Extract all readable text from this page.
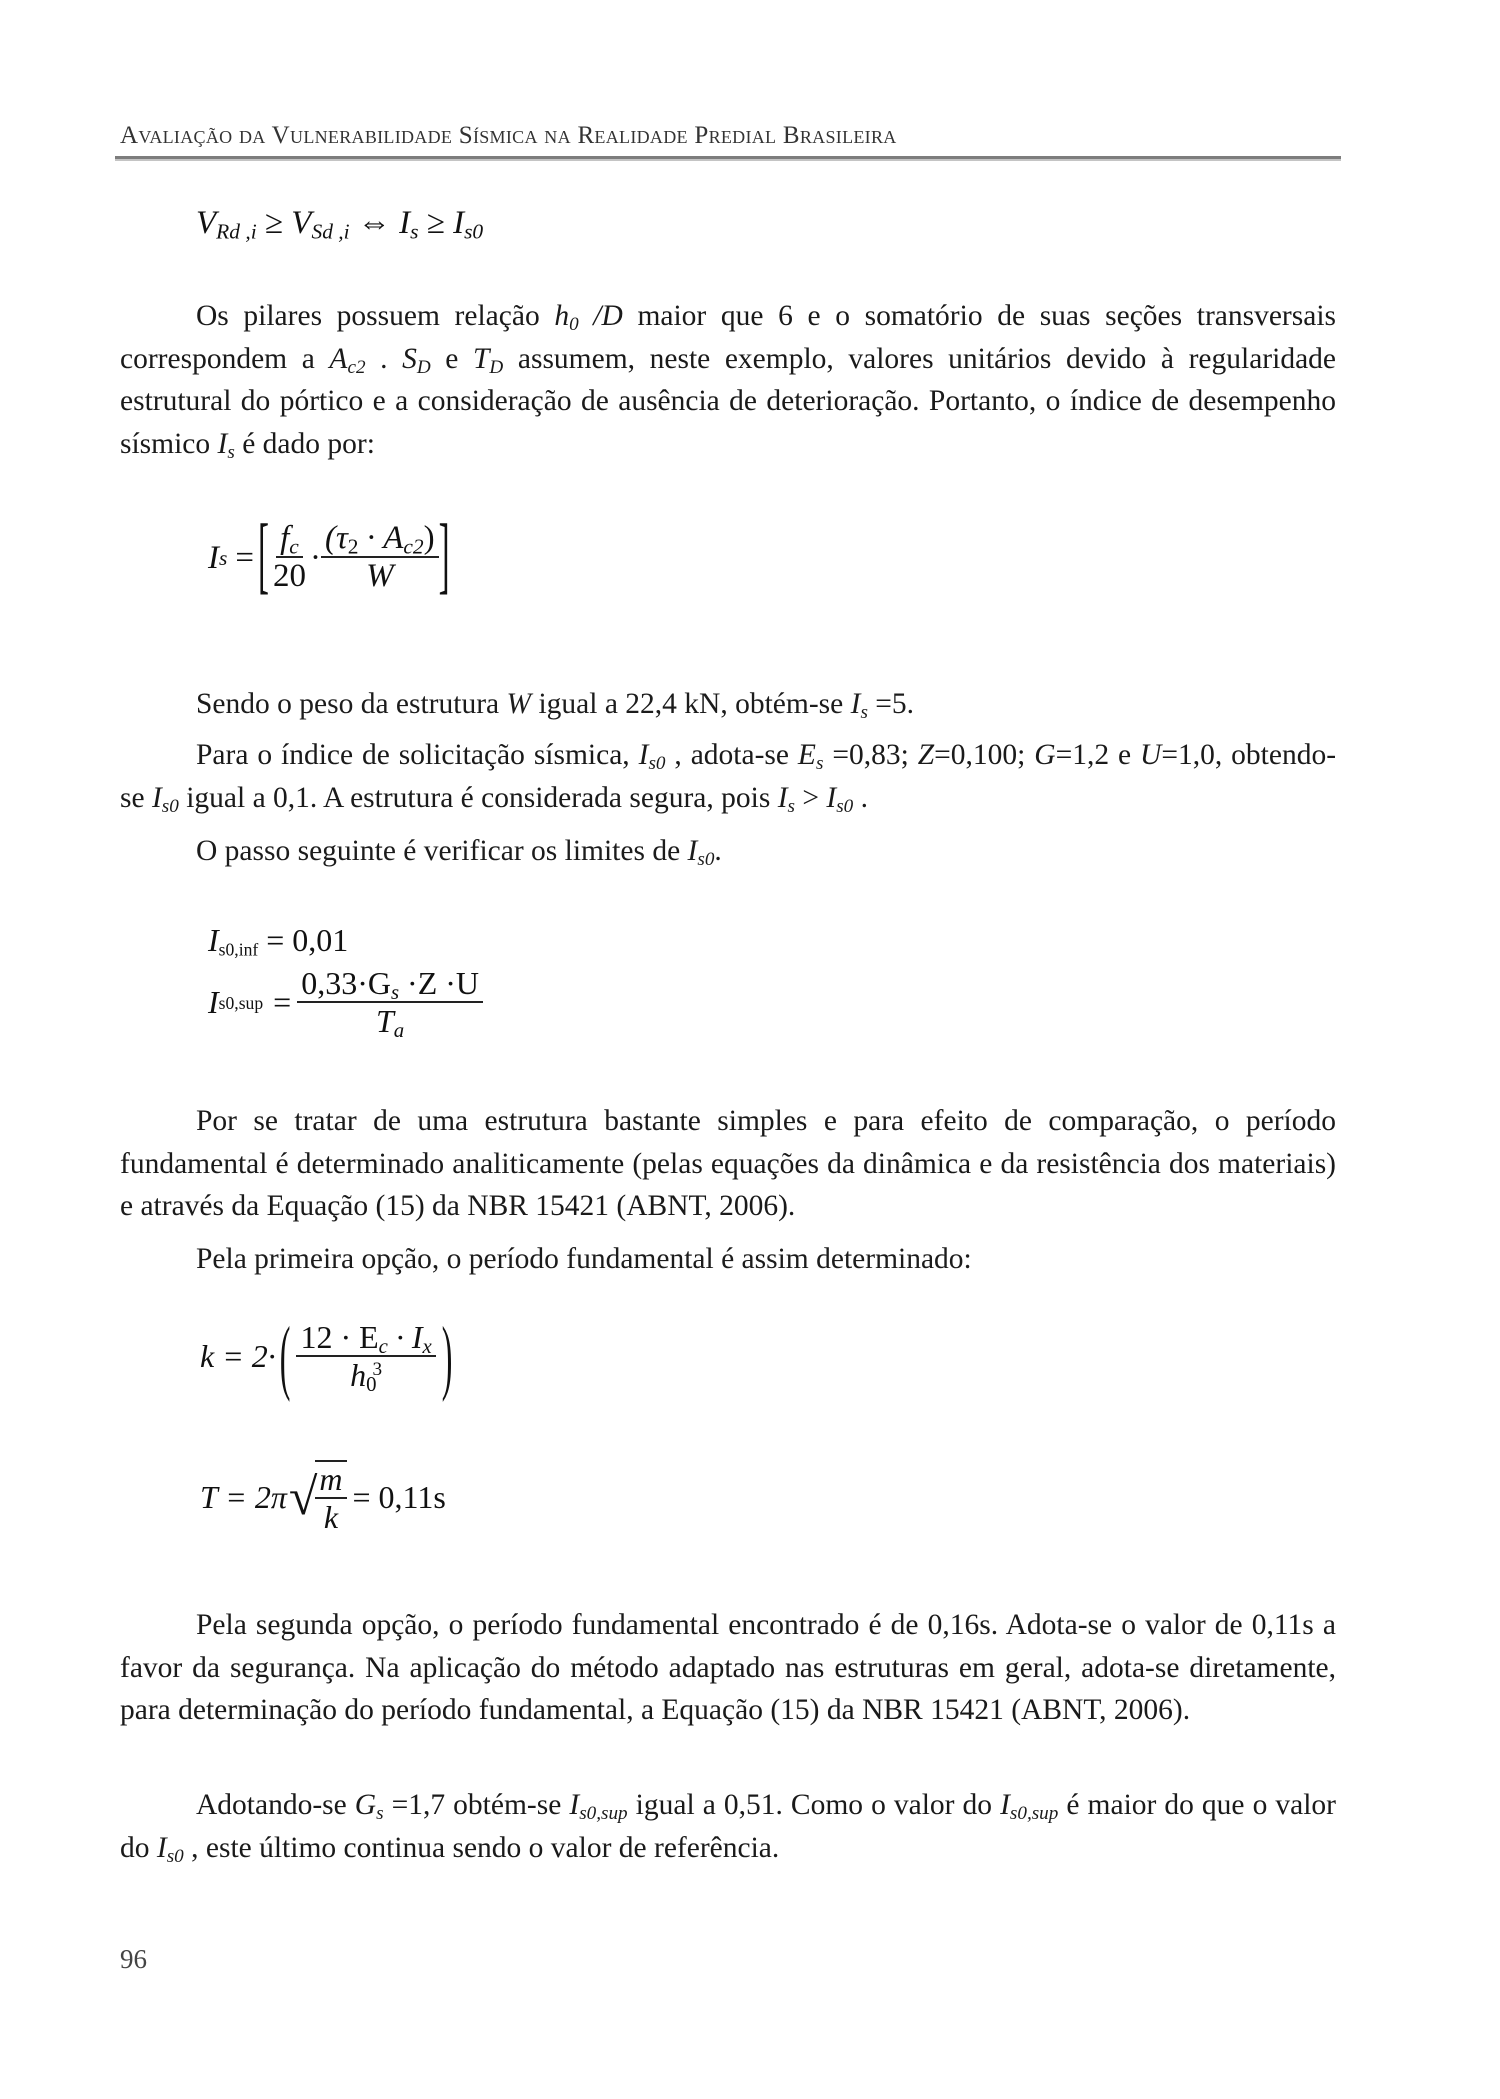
Avaliação da Vulnerabilidade Sísmica na Realidade Predial Brasileira
$V_{Rd ,i} \ge V_{Sd ,i}$ ⇔ $I_s \ge I_{s0}$
Os pilares possuem relação $h_0$ /D maior que 6 e o somatório de suas seções transversais correspondem a $A_{c2}$ . $S_D$ e $T_D$ assumem, neste exemplo, valores unitários devido à regularidade estrutural do pórtico e a consideração de ausência de deterioração. Portanto, o índice de desempenho sísmico $I_s$ é dado por:
I s = [ $\frac{f_c}{20} \cdot \frac{(\tau_2 \cdot A_{c2})}{W}$ ]
Sendo o peso da estrutura W igual a 22,4 kN, obtém-se $I_s =5$.
Para o índice de solicitação sísmica, $I_{s0}$ , adota-se $E_s =0,83$; Z=0,100; G=1,2 e U=1,0, obtendo-se $I_{s0}$ igual a 0,1. A estrutura é considerada segura, pois $I_s > I_{s0}$ .
O passo seguinte é verificar os limites de $I_{s0}$.
$I_{s0,inf} = 0,01$
I $s0,sup = \frac{0,33\cdot G_s \cdot Z \cdot U}{T_a}$
Por se tratar de uma estrutura bastante simples e para efeito de comparação, o período fundamental é determinado analiticamente (pelas equações da dinâmica e da resistência dos materiais) e através da Equação (15) da NBR 15421 (ABNT, 2006).
Pela primeira opção, o período fundamental é assim determinado:
k = 2· ( $\frac{12 \cdot E_c \cdot I_x}{h_0^3}$ )
T = 2π √
$\frac{m}{k} = 0,11s$
Pela segunda opção, o período fundamental encontrado é de 0,16s. Adota-se o valor de 0,11s a favor da segurança. Na aplicação do método adaptado nas estruturas em geral, adota-se diretamente, para determinação do período fundamental, a Equação (15) da NBR 15421 (ABNT, 2006).
Adotando-se $G_s =1,7$ obtém-se $I_{s0,sup}$ igual a 0,51. Como o valor do $I_{s0,sup}$ é maior do que o valor do $I_{s0}$ , este último continua sendo o valor de referência.
96
